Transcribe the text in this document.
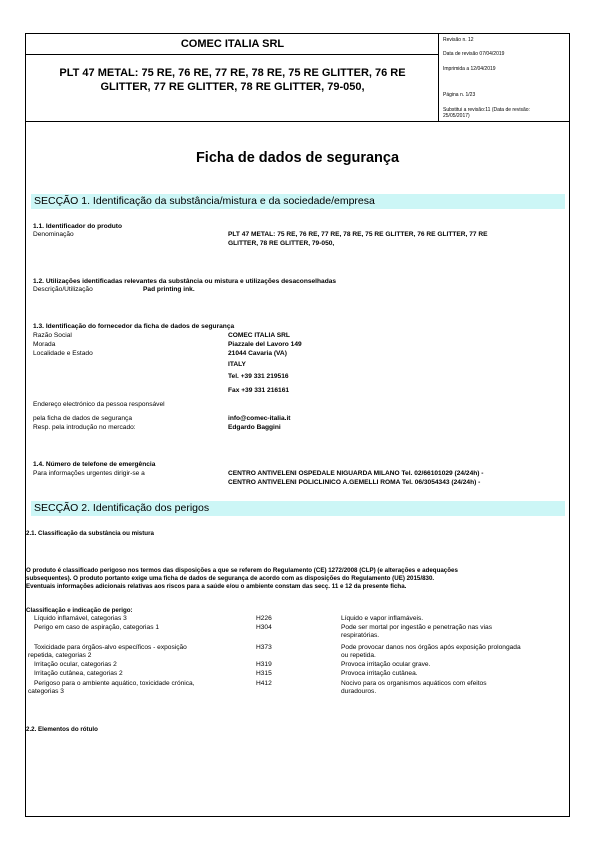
COMEC ITALIA SRL
PLT 47 METAL: 75 RE, 76 RE, 77 RE, 78 RE, 75 RE GLITTER, 76 RE
GLITTER, 77 RE GLITTER, 78 RE GLITTER, 79-050,
Revisão n. 12
Data de revisão 07/04/2019
Imprimida a 12/04/2019
Página n. 1/23
Substitui a revisão:11 (Data de revisão:
25/05/2017)
Ficha de dados de segurança
SECÇÃO 1. Identificação da substância/mistura e da sociedade/empresa
1.1. Identificador do produto
Denominação	PLT 47 METAL: 75 RE, 76 RE, 77 RE, 78 RE, 75 RE GLITTER, 76 RE GLITTER, 77 RE
GLITTER, 78 RE GLITTER, 79-050,
1.2. Utilizações identificadas relevantes da substância ou mistura e utilizações desaconselhadas
Descrição/Utilização	Pad printing ink.
1.3. Identificação do fornecedor da ficha de dados de segurança
Razão Social	COMEC ITALIA SRL
Morada	Piazzale del Lavoro 149
Localidade e Estado	21044 Cavaria (VA)
ITALY
Tel. +39 331 219516
Fax +39 331 216161
Endereço electrónico da pessoa responsável
pela ficha de dados de segurança	info@comec-italia.it
Resp. pela introdução no mercado:	Edgardo Baggini
1.4. Número de telefone de emergência
Para informações urgentes dirigir-se a	CENTRO ANTIVELENI OSPEDALE NIGUARDA MILANO Tel. 02/66101029 (24/24h) -
CENTRO ANTIVELENI POLICLINICO A.GEMELLI ROMA Tel. 06/3054343 (24/24h) -
SECÇÃO 2. Identificação dos perigos
2.1. Classificação da substância ou mistura
O produto é classificado perigoso nos termos das disposições a que se referem do Regulamento (CE) 1272/2008 (CLP) (e alterações e adequações
subsequentes). O produto portanto exige uma ficha de dados de segurança de acordo com as disposições do Regulamento (UE) 2015/830.
Eventuais informações adicionais relativas aos riscos para a saúde e/ou o ambiente constam das secç. 11 e 12 da presente ficha.
Classificação e indicação de perigo:
Líquido inflamável, categorias 3	H226	Líquido e vapor inflamáveis.
Perigo em caso de aspiração, categorias 1	H304	Pode ser mortal por ingestão e penetração nas vias
respiratórias.
Toxicidade para órgãos-alvo específicos - exposição
repetida, categorias 2
H373	Pode provocar danos nos órgãos após exposição prolongada
ou repetida.
Irritação ocular, categorias 2	H319	Provoca irritação ocular grave.
Irritação cutânea, categorias 2	H315	Provoca irritação cutânea.
Perigoso para o ambiente aquático, toxicidade crónica,
categorias 3
H412	Nocivo para os organismos aquáticos com efeitos
duradouros.
2.2. Elementos do rótulo
